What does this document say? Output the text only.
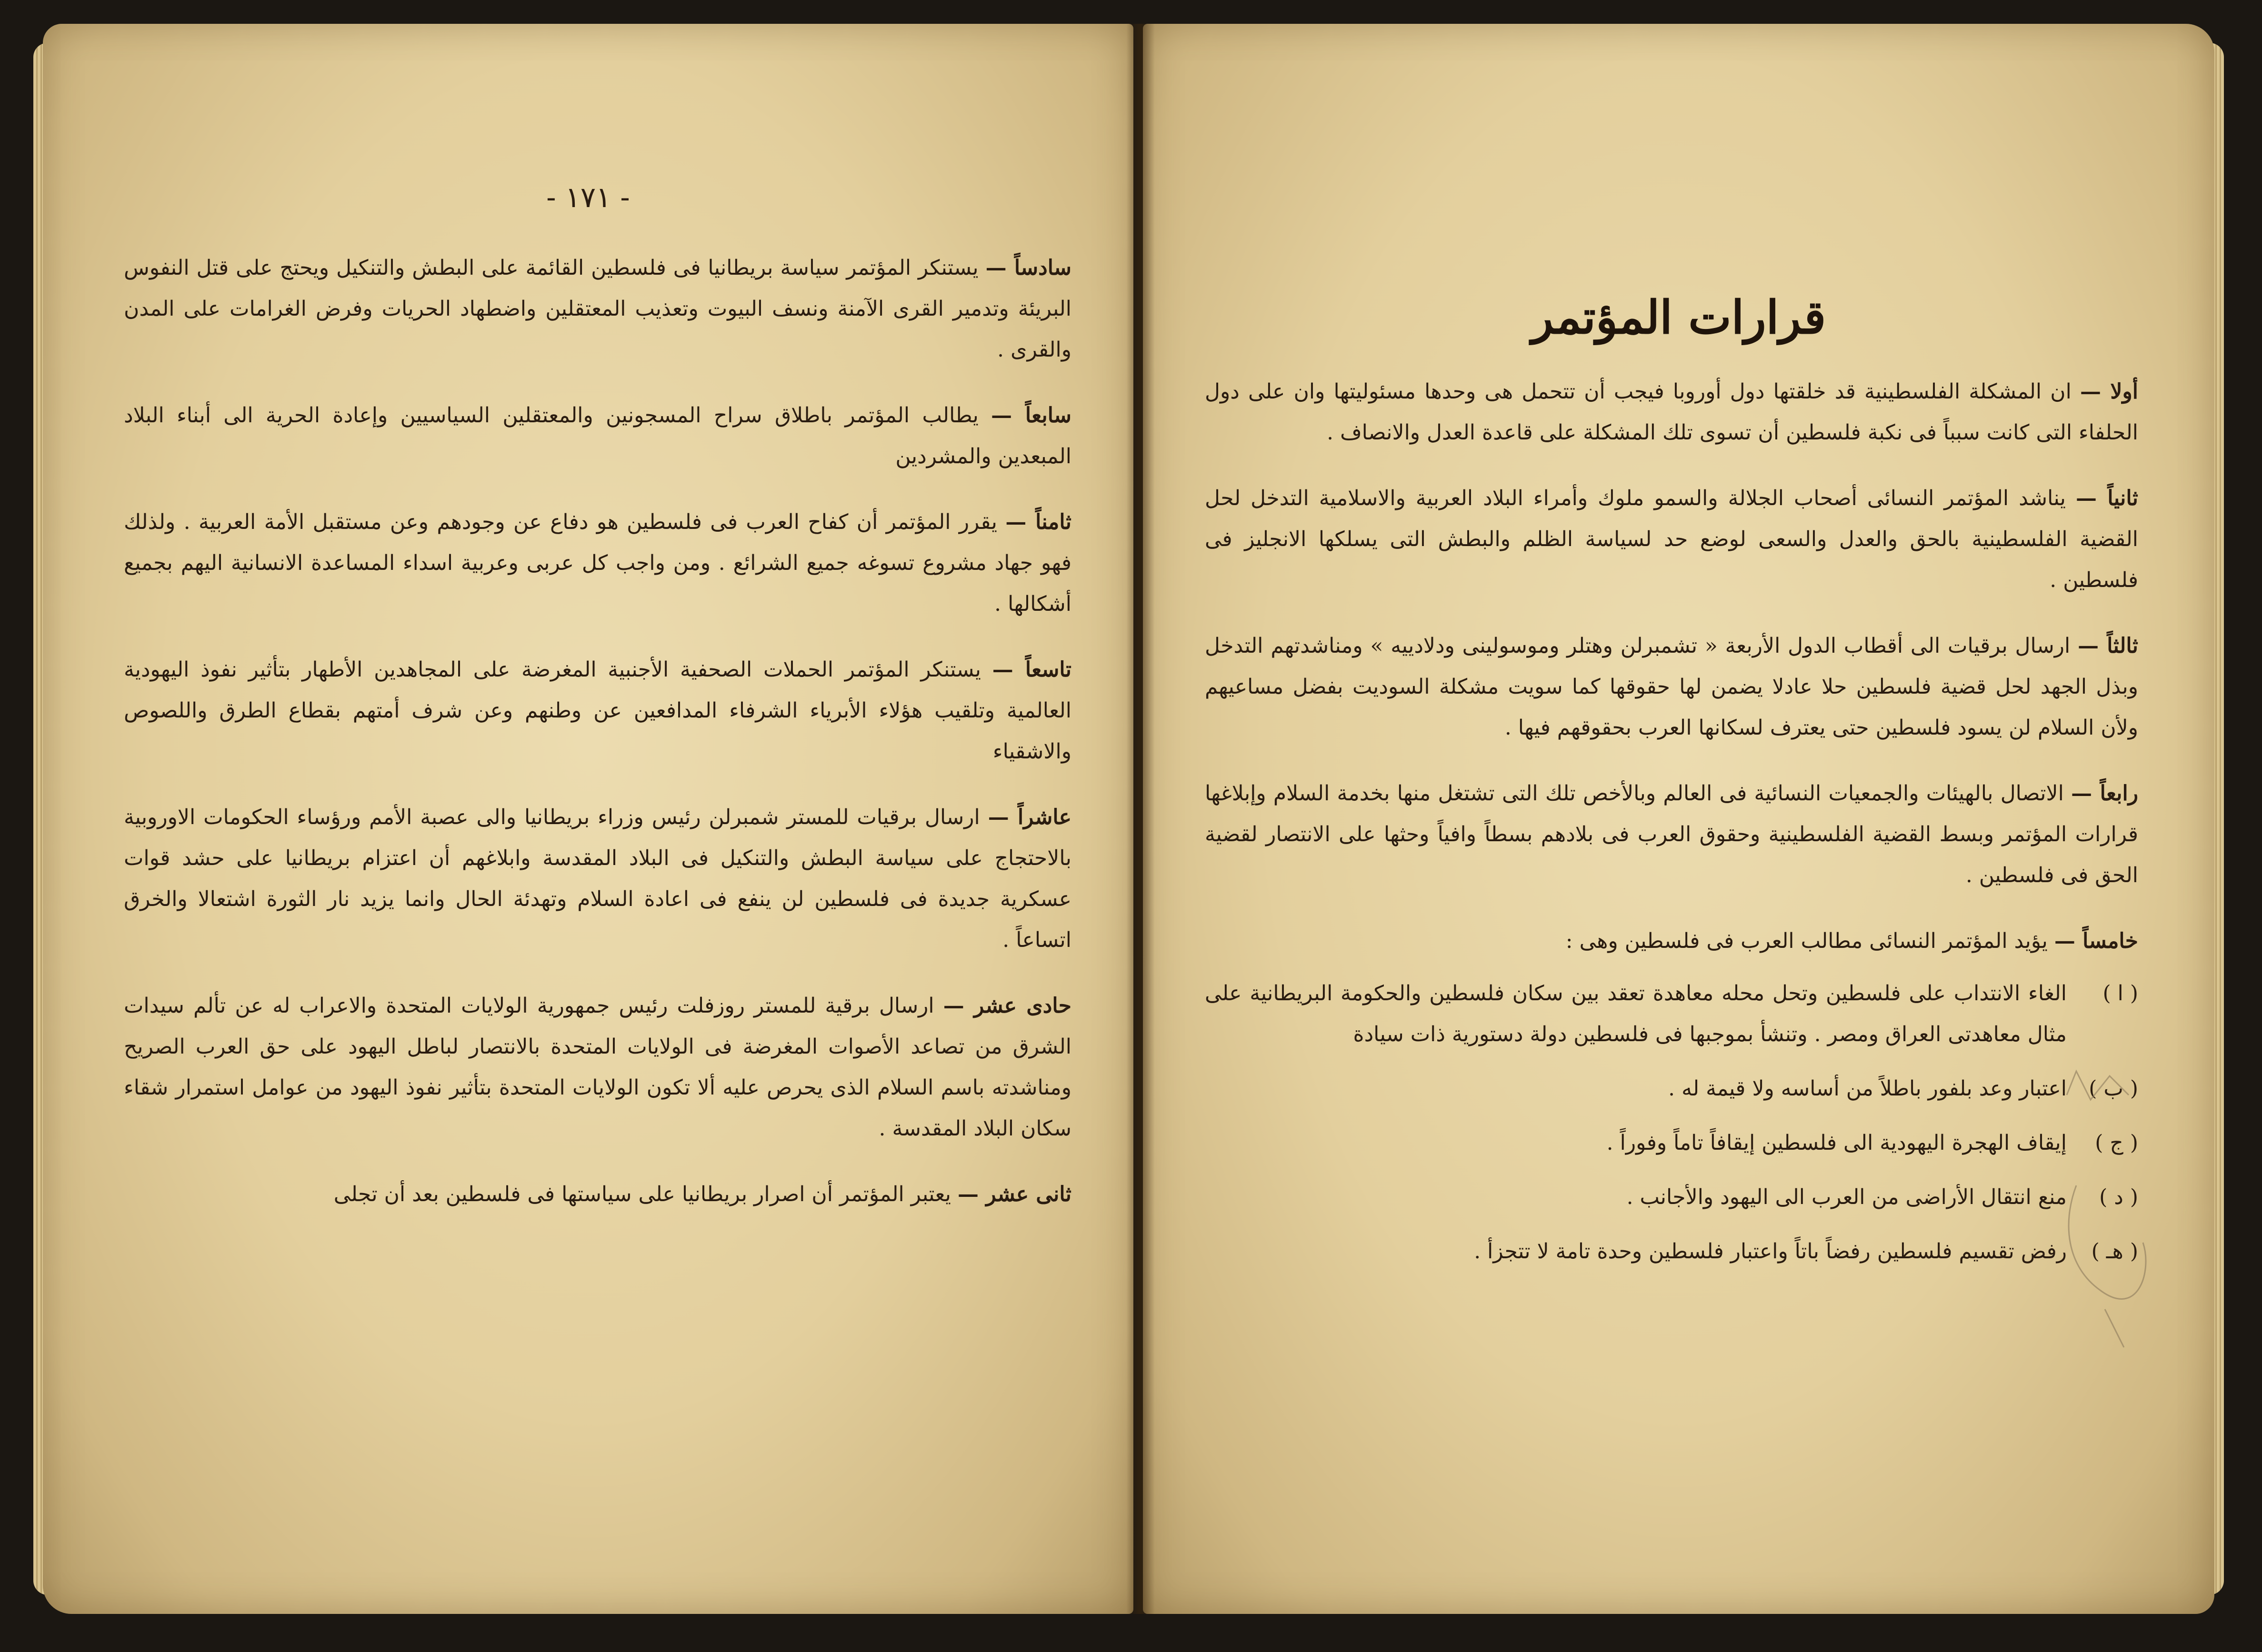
- ١٧١ -

سادساً — يستنكر المؤتمر سياسة بريطانيا فى فلسطين القائمة على البطش والتنكيل ويحتج على قتل النفوس البريئة وتدمير القرى الآمنة ونسف البيوت وتعذيب المعتقلين واضطهاد الحريات وفرض الغرامات على المدن والقرى .

سابعاً — يطالب المؤتمر باطلاق سراح المسجونين والمعتقلين السياسيين وإعادة الحرية الى أبناء البلاد المبعدين والمشردين

ثامناً — يقرر المؤتمر أن كفاح العرب فى فلسطين هو دفاع عن وجودهم وعن مستقبل الأمة العربية . ولذلك فهو جهاد مشروع تسوغه جميع الشرائع . ومن واجب كل عربى وعربية اسداء المساعدة الانسانية اليهم بجميع أشكالها .

تاسعاً — يستنكر المؤتمر الحملات الصحفية الأجنبية المغرضة على المجاهدين الأطهار بتأثير نفوذ اليهودية العالمية وتلقيب هؤلاء الأبرياء الشرفاء المدافعين عن وطنهم وعن شرف أمتهم بقطاع الطرق واللصوص والاشقياء

عاشراً — ارسال برقيات للمستر شمبرلن رئيس وزراء بريطانيا والى عصبة الأمم ورؤساء الحكومات الاوروبية بالاحتجاج على سياسة البطش والتنكيل فى البلاد المقدسة وابلاغهم أن اعتزام بريطانيا على حشد قوات عسكرية جديدة فى فلسطين لن ينفع فى اعادة السلام وتهدئة الحال وانما يزيد نار الثورة اشتعالا والخرق اتساعاً .

حادى عشر — ارسال برقية للمستر روزفلت رئيس جمهورية الولايات المتحدة والاعراب له عن تألم سيدات الشرق من تصاعد الأصوات المغرضة فى الولايات المتحدة بالانتصار لباطل اليهود على حق العرب الصريح ومناشدته باسم السلام الذى يحرص عليه ألا تكون الولايات المتحدة بتأثير نفوذ اليهود من عوامل استمرار شقاء سكان البلاد المقدسة .

ثانى عشر — يعتبر المؤتمر أن اصرار بريطانيا على سياستها فى فلسطين بعد أن تجلى

قرارات المؤتمر

أولا — ان المشكلة الفلسطينية قد خلقتها دول أوروبا فيجب أن تتحمل هى وحدها مسئوليتها وان على دول الحلفاء التى كانت سبباً فى نكبة فلسطين أن تسوى تلك المشكلة على قاعدة العدل والانصاف .

ثانياً — يناشد المؤتمر النسائى أصحاب الجلالة والسمو ملوك وأمراء البلاد العربية والاسلامية التدخل لحل القضية الفلسطينية بالحق والعدل والسعى لوضع حد لسياسة الظلم والبطش التى يسلكها الانجليز فى فلسطين .

ثالثاً — ارسال برقيات الى أقطاب الدول الأربعة « تشمبرلن وهتلر وموسولينى ودلادييه » ومناشدتهم التدخل وبذل الجهد لحل قضية فلسطين حلا عادلا يضمن لها حقوقها كما سويت مشكلة السوديت بفضل مساعيهم ولأن السلام لن يسود فلسطين حتى يعترف لسكانها العرب بحقوقهم فيها .

رابعاً — الاتصال بالهيئات والجمعيات النسائية فى العالم وبالأخص تلك التى تشتغل منها بخدمة السلام وإبلاغها قرارات المؤتمر وبسط القضية الفلسطينية وحقوق العرب فى بلادهم بسطاً وافياً وحثها على الانتصار لقضية الحق فى فلسطين .

خامساً — يؤيد المؤتمر النسائى مطالب العرب فى فلسطين وهى :

( ا )
الغاء الانتداب على فلسطين وتحل محله معاهدة تعقد بين سكان فلسطين والحكومة البريطانية على مثال معاهدتى العراق ومصر . وتنشأ بموجبها فى فلسطين دولة دستورية ذات سيادة
( ب )
اعتبار وعد بلفور باطلاً من أساسه ولا قيمة له .
( ج )
إيقاف الهجرة اليهودية الى فلسطين إيقافاً تاماً وفوراً .
( د )
منع انتقال الأراضى من العرب الى اليهود والأجانب .
( هـ )
رفض تقسيم فلسطين رفضاً باتاً واعتبار فلسطين وحدة تامة لا تتجزأ .
